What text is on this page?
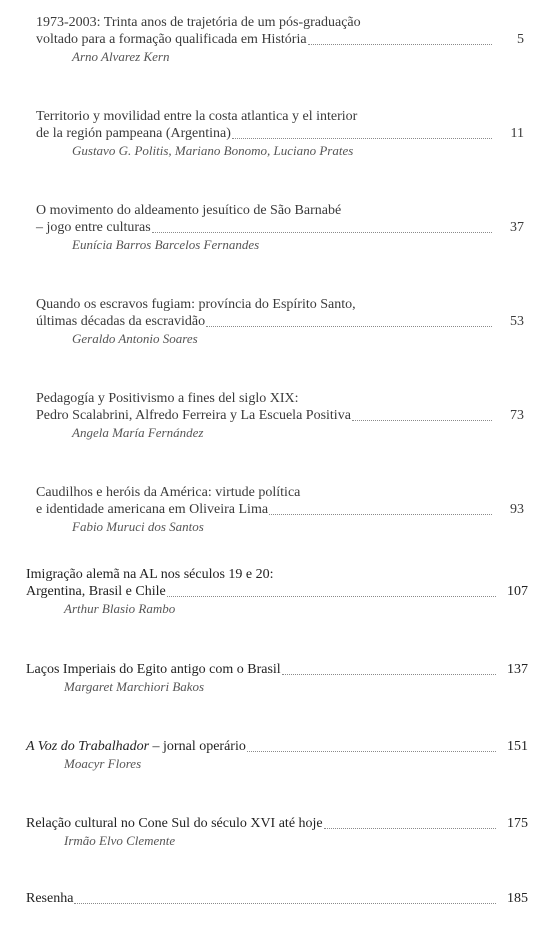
1973-2003: Trinta anos de trajetória de um pós-graduação
voltado para a formação qualificada em História	5
Arno Alvarez Kern
Territorio y movilidad entre la costa atlantica y el interior
de la región pampeana (Argentina)	11
Gustavo G. Politis, Mariano Bonomo, Luciano Prates
O movimento do aldeamento jesuítico de São Barnabé
– jogo entre culturas	37
Eunícia Barros Barcelos Fernandes
Quando os escravos fugiam: província do Espírito Santo,
últimas décadas da escravidão	53
Geraldo Antonio Soares
Pedagogía y Positivismo a fines del siglo XIX:
Pedro Scalabrini, Alfredo Ferreira y La Escuela Positiva	73
Angela María Fernández
Caudilhos e heróis da América: virtude política
e identidade americana em Oliveira Lima	93
Fabio Muruci dos Santos
Imigração alemã na AL nos séculos 19 e 20:
Argentina, Brasil e Chile	107
Arthur Blasio Rambo
Laços Imperiais do Egito antigo com o Brasil	137
Margaret Marchiori Bakos
A Voz do Trabalhador – jornal operário	151
Moacyr Flores
Relação cultural no Cone Sul do século XVI até hoje	175
Irmão Elvo Clemente
Resenha	185
